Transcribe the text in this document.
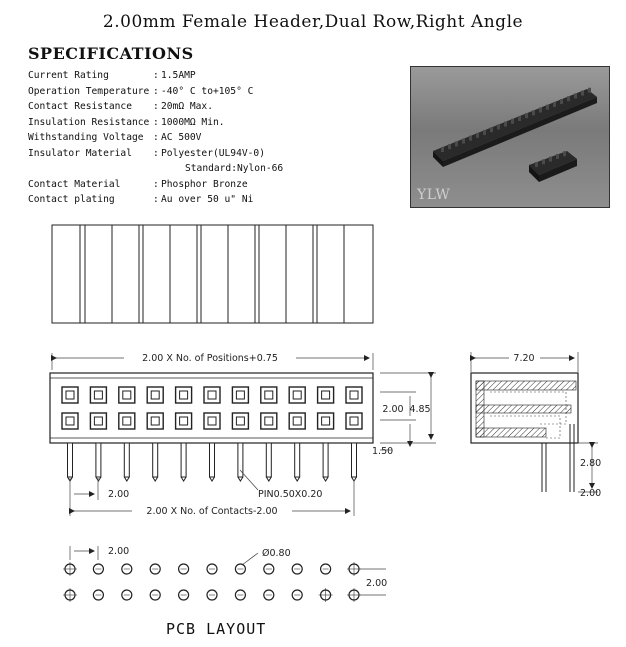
2.00mm Female Header,Dual Row,Right Angle
SPECIFICATIONS
Current Rating	: 1.5AMP
Operation Temperature : -40° C to+105° C
Contact Resistance	: 20mΩ Max.
Insulation Resistance : 1000MΩ Min.
Withstanding Voltage : AC 500V
Insulator Material	: Polyester(UL94V-0)
Standard:Nylon-66
Contact Material	: Phosphor Bronze
Contact plating	: Au over 50 u" Ni	YLW
2.00 X No. of Positions+0.75
2.00 4.85
1.50
2.00	PIN0.50X0.20
2.00 X No. of Contacts-2.00
7.20
2.80
2.00
2.00	Ø0.80
2.00
PCB LAYOUT
